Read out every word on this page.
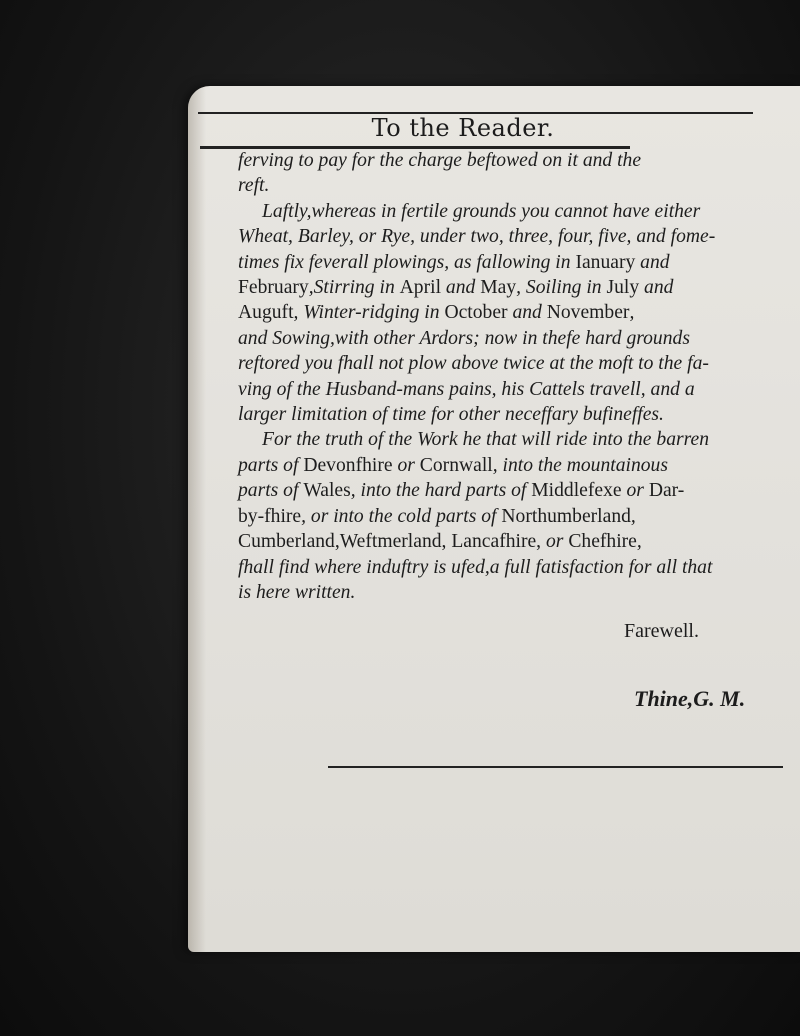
To the Reader.
ferving to pay for the charge beftowed on it and the
reft.
Laftly,whereas in fertile grounds you cannot have either
Wheat, Barley, or Rye, under two, three, four, five, and fome-
times fix feverall plowings, as fallowing in Ianuary and
February,Stirring in April and May, Soiling in July and
Auguft, Winter-ridging in October and November,
and Sowing,with other Ardors; now in thefe hard grounds
reftored you fhall not plow above twice at the moft to the fa-
ving of the Husband-mans pains, his Cattels travell, and a
larger limitation of time for other neceffary bufineffes.
For the truth of the Work he that will ride into the barren
parts of Devonfhire or Cornwall, into the mountainous
parts of Wales, into the hard parts of Middlefexe or Dar-
by-fhire, or into the cold parts of Northumberland,
Cumberland,Weftmerland, Lancafhire, or Chefhire,
fhall find where induftry is ufed,a full fatisfaction for all that
is here written.
Farewell.
Thine,G. M.
